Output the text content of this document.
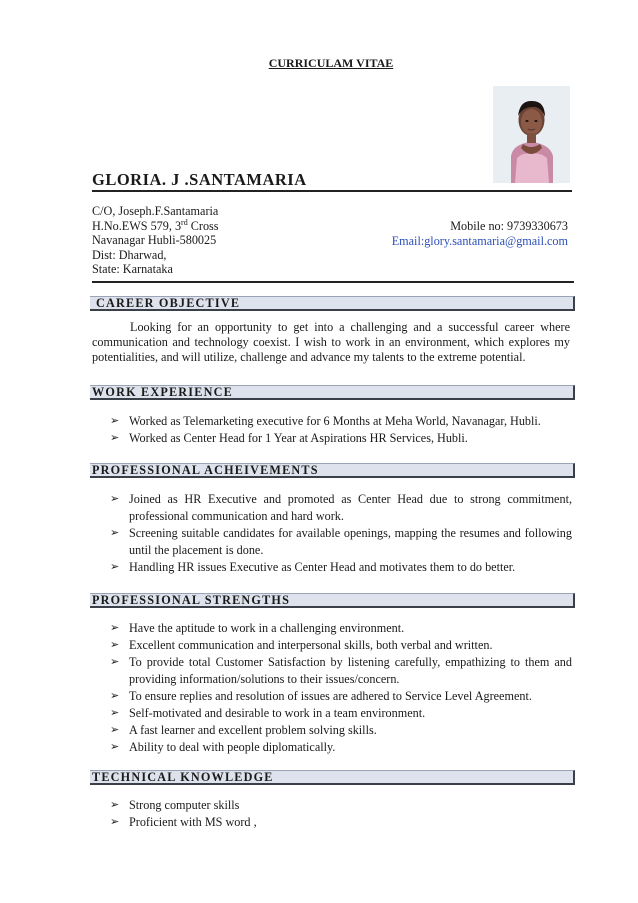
CURRICULAM VITAE
GLORIA. J .SANTAMARIA
C/O, Joseph.F.Santamaria
H.No.EWS 579, 3rd Cross
Navanagar Hubli-580025
Dist: Dharwad,
State: Karnataka
Mobile no: 9739330673
Email:glory.santamaria@gmail.com
CAREER OBJECTIVE
Looking for an opportunity to get into a challenging and a successful career where communication and technology coexist. I wish to work in an environment, which explores my potentialities, and will utilize, challenge and advance my talents to the extreme potential.
WORK EXPERIENCE
➢ Worked as Telemarketing executive for 6 Months at Meha World, Navanagar, Hubli.
➢ Worked as Center Head for 1 Year at Aspirations HR Services, Hubli.
PROFESSIONAL ACHEIVEMENTS
➢ Joined as HR Executive and promoted as Center Head due to strong commitment, professional communication and hard work.
➢ Screening suitable candidates for available openings, mapping the resumes and following until the placement is done.
➢ Handling HR issues Executive as Center Head and motivates them to do better.
PROFESSIONAL STRENGTHS
➢ Have the aptitude to work in a challenging environment.
➢ Excellent communication and interpersonal skills, both verbal and written.
➢ To provide total Customer Satisfaction by listening carefully, empathizing to them and providing information/solutions to their issues/concern.
➢ To ensure replies and resolution of issues are adhered to Service Level Agreement.
➢ Self-motivated and desirable to work in a team environment.
➢ A fast learner and excellent problem solving skills.
➢ Ability to deal with people diplomatically.
TECHNICAL KNOWLEDGE
➢ Strong computer skills
➢ Proficient with MS word ,
